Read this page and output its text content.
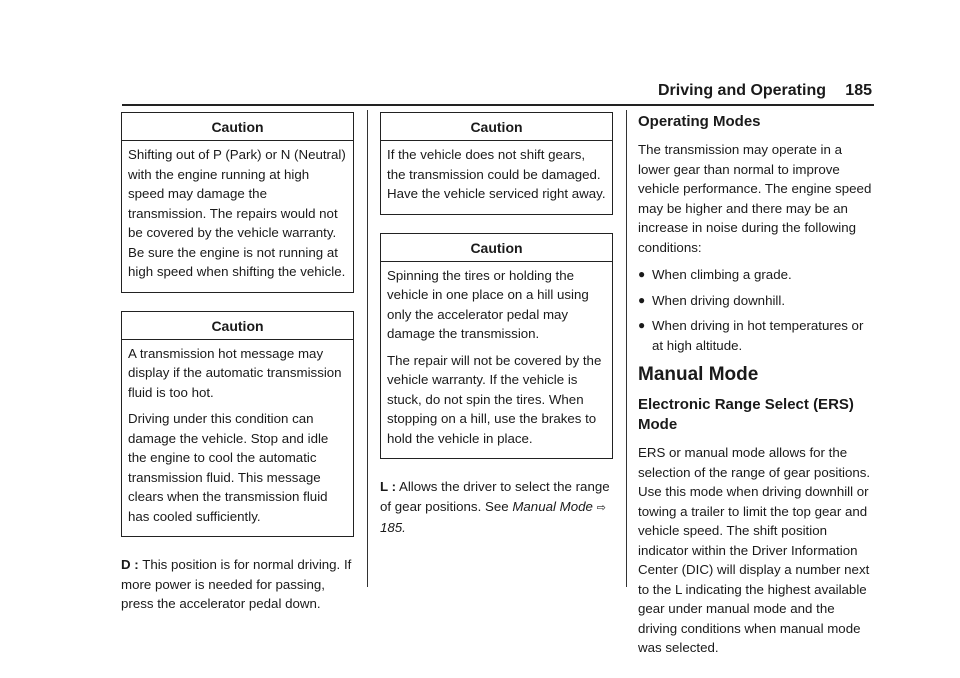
Driving and Operating 185
Caution

Shifting out of P (Park) or N (Neutral) with the engine running at high speed may damage the transmission. The repairs would not be covered by the vehicle warranty. Be sure the engine is not running at high speed when shifting the vehicle.

Caution

A transmission hot message may display if the automatic transmission fluid is too hot.

Driving under this condition can damage the vehicle. Stop and idle the engine to cool the automatic transmission fluid. This message clears when the transmission fluid has cooled sufficiently.

D : This position is for normal driving. If more power is needed for passing, press the accelerator pedal down.

Caution

If the vehicle does not shift gears, the transmission could be damaged. Have the vehicle serviced right away.

Caution

Spinning the tires or holding the vehicle in one place on a hill using only the accelerator pedal may damage the transmission.

The repair will not be covered by the vehicle warranty. If the vehicle is stuck, do not spin the tires. When stopping on a hill, use the brakes to hold the vehicle in place.

L : Allows the driver to select the range of gear positions. See Manual Mode ⇨ 185.

Operating Modes

The transmission may operate in a lower gear than normal to improve vehicle performance. The engine speed may be higher and there may be an increase in noise during the following conditions:

● When climbing a grade.
● When driving downhill.
● When driving in hot temperatures or at high altitude.
Manual Mode
Electronic Range Select (ERS) Mode

ERS or manual mode allows for the selection of the range of gear positions. Use this mode when driving downhill or towing a trailer to limit the top gear and vehicle speed. The shift position indicator within the Driver Information Center (DIC) will display a number next to the L indicating the highest available gear under manual mode and the driving conditions when manual mode was selected.
